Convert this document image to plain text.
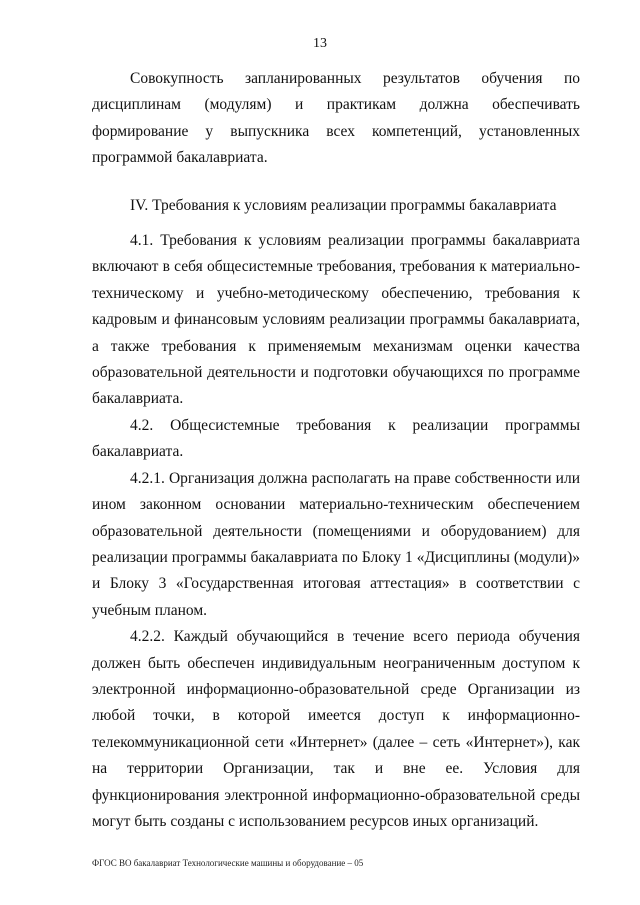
13

Совокупность запланированных результатов обучения по дисциплинам (модулям) и практикам должна обеспечивать формирование у выпускника всех компетенций, установленных программой бакалавриата.

IV. Требования к условиям реализации программы бакалавриата

4.1. Требования к условиям реализации программы бакалавриата включают в себя общесистемные требования, требования к материально-техническому и учебно-методическому обеспечению, требования к кадровым и финансовым условиям реализации программы бакалавриата, а также требования к применяемым механизмам оценки качества образовательной деятельности и подготовки обучающихся по программе бакалавриата.

4.2. Общесистемные требования к реализации программы бакалавриата.

4.2.1. Организация должна располагать на праве собственности или ином законном основании материально-техническим обеспечением образовательной деятельности (помещениями и оборудованием) для реализации программы бакалавриата по Блоку 1 «Дисциплины (модули)» и Блоку 3 «Государственная итоговая аттестация» в соответствии с учебным планом.

4.2.2. Каждый обучающийся в течение всего периода обучения должен быть обеспечен индивидуальным неограниченным доступом к электронной информационно-образовательной среде Организации из любой точки, в которой имеется доступ к информационно-телекоммуникационной сети «Интернет» (далее – сеть «Интернет»), как на территории Организации, так и вне ее. Условия для функционирования электронной информационно-образовательной среды могут быть созданы с использованием ресурсов иных организаций.

ФГОС ВО бакалавриат Технологические машины и оборудование – 05
